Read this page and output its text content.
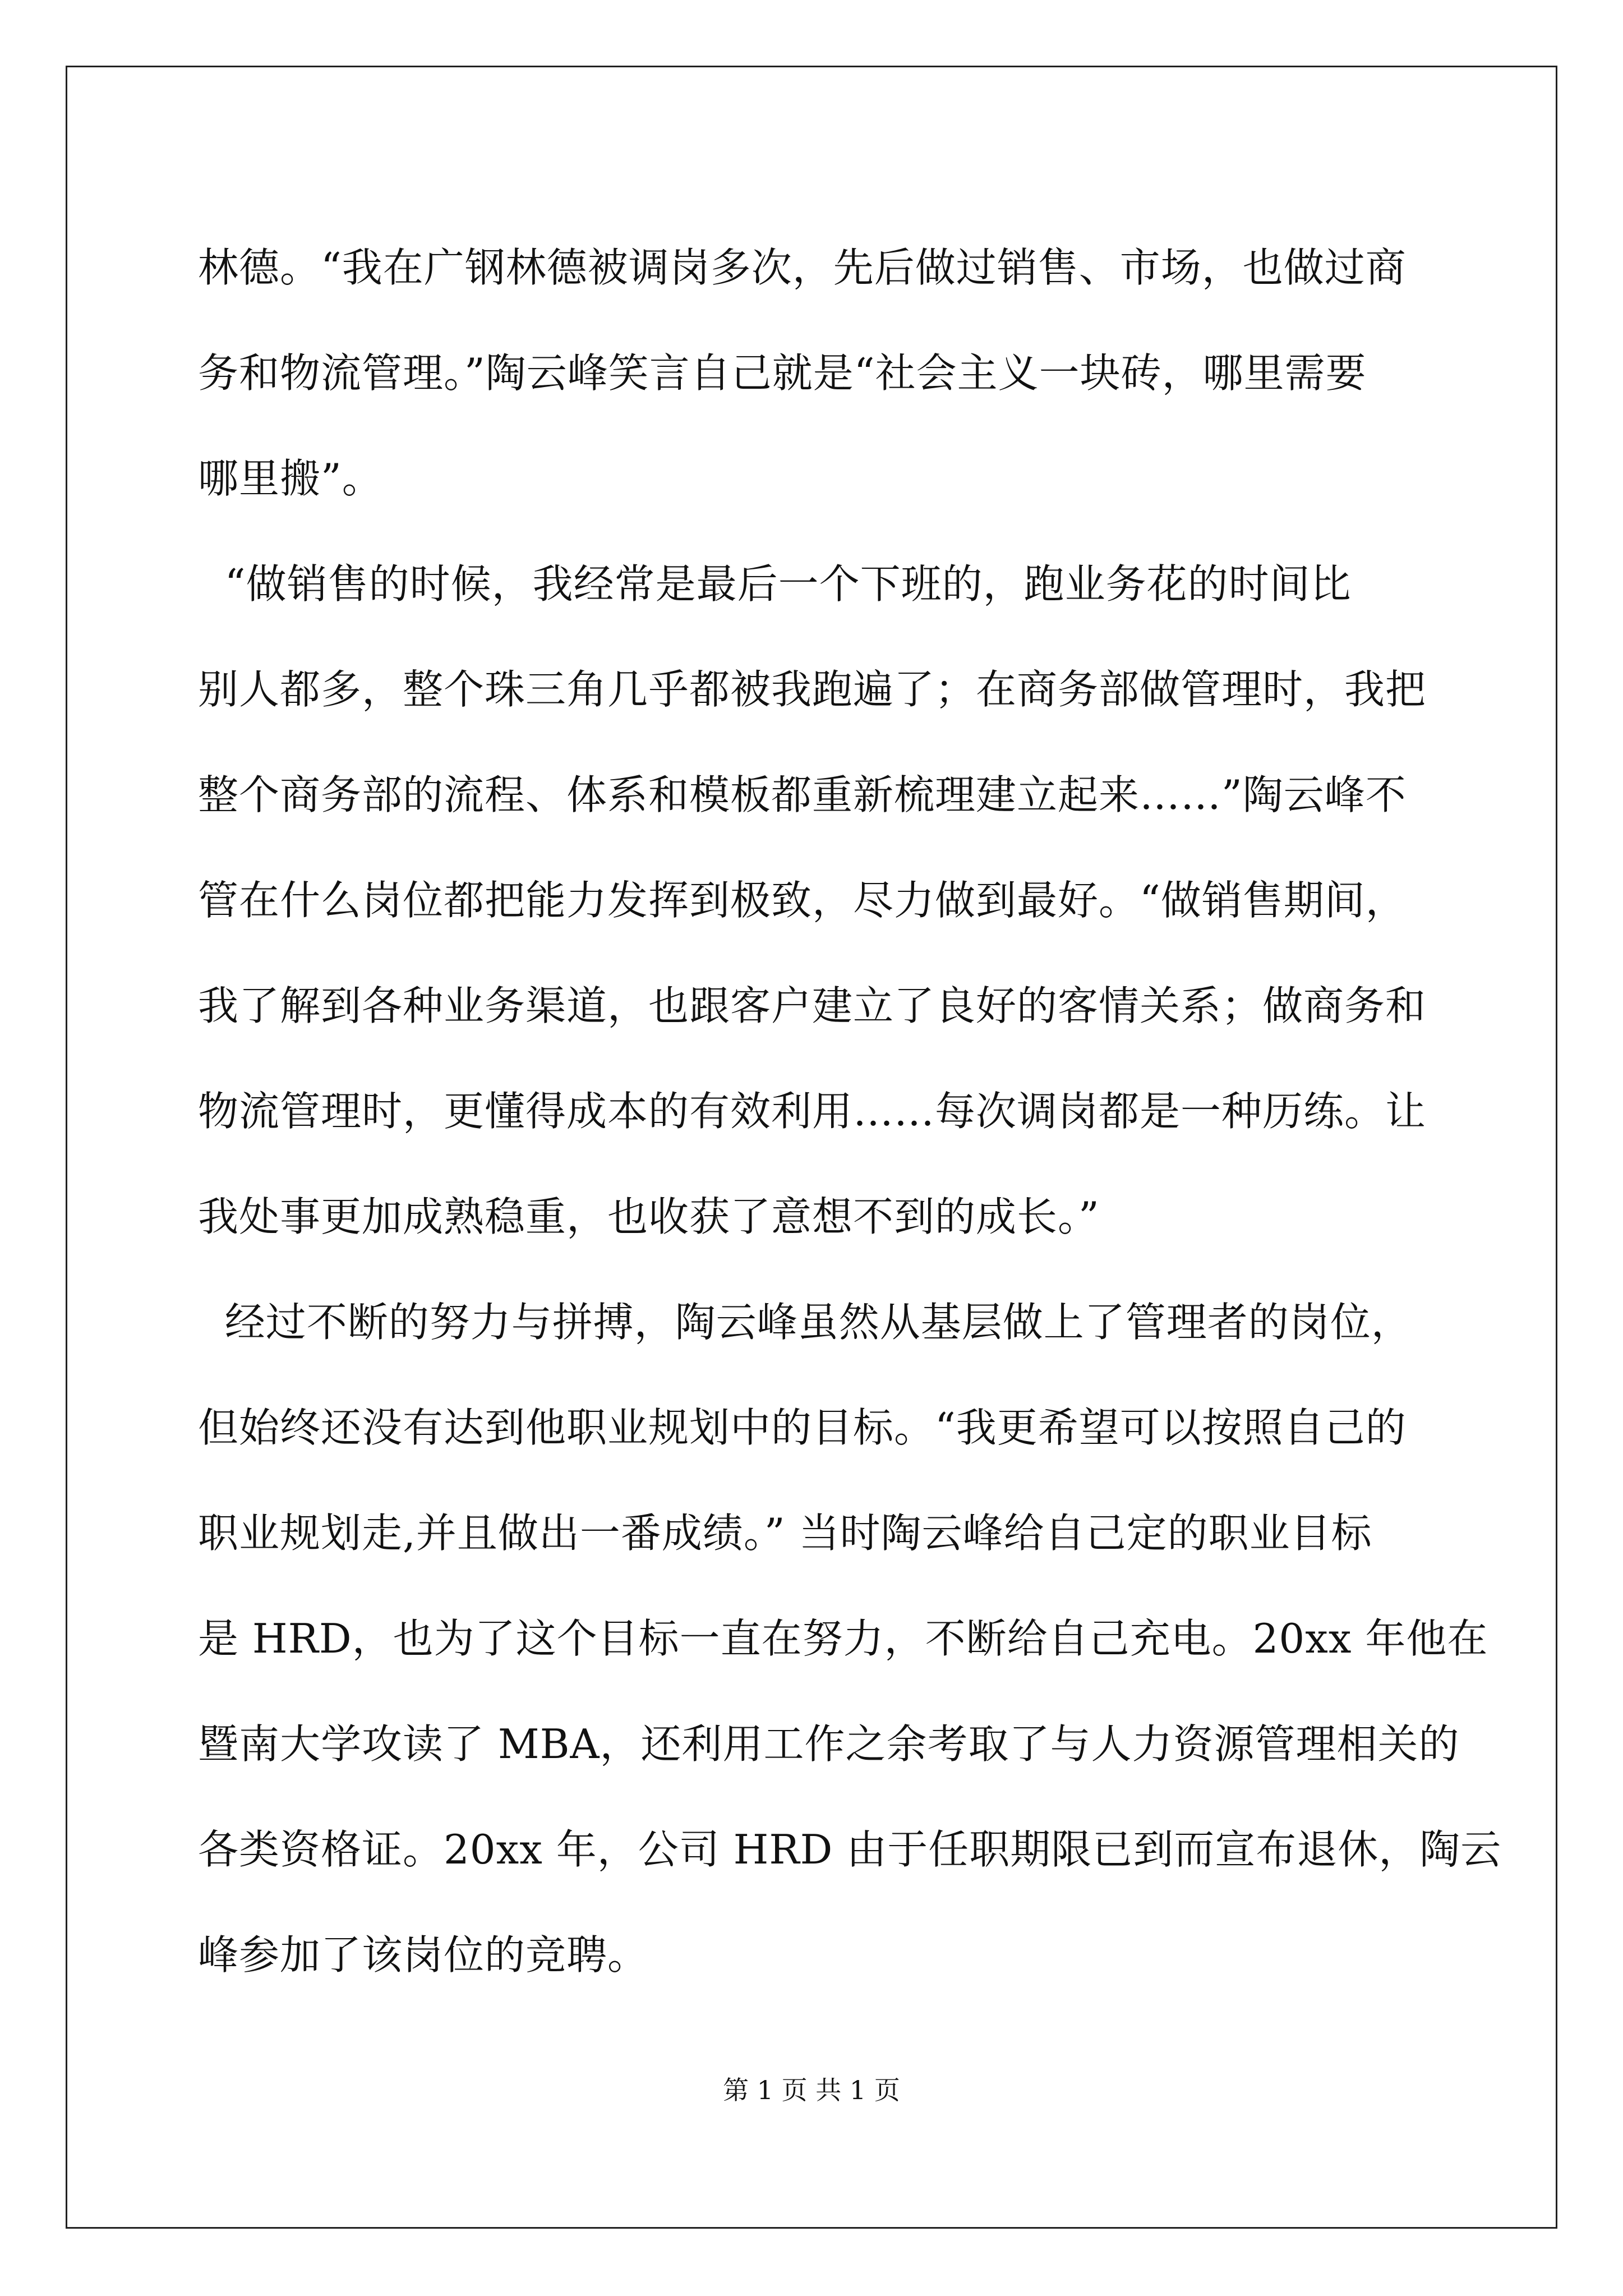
林德。“我在广钢林德被调岗多次，先后做过销售、市场，也做过商
务和物流管理。”陶云峰笑言自己就是“社会主义一块砖，哪里需要
哪里搬”。
“做销售的时候，我经常是最后一个下班的，跑业务花的时间比
别人都多，整个珠三角几乎都被我跑遍了；在商务部做管理时，我把
整个商务部的流程、体系和模板都重新梳理建立起来……”陶云峰不
管在什么岗位都把能力发挥到极致，尽力做到最好。“做销售期间，
我了解到各种业务渠道，也跟客户建立了良好的客情关系；做商务和
物流管理时，更懂得成本的有效利用……每次调岗都是一种历练。让
我处事更加成熟稳重，也收获了意想不到的成长。”
经过不断的努力与拼搏，陶云峰虽然从基层做上了管理者的岗位，
但始终还没有达到他职业规划中的目标。“我更希望可以按照自己的
职业规划走,并且做出一番成绩。” 当时陶云峰给自己定的职业目标
是 HRD，也为了这个目标一直在努力，不断给自己充电。20xx 年他在
暨南大学攻读了 MBA，还利用工作之余考取了与人力资源管理相关的
各类资格证。20xx 年，公司 HRD 由于任职期限已到而宣布退休，陶云
峰参加了该岗位的竞聘。
第 1 页 共 1 页
